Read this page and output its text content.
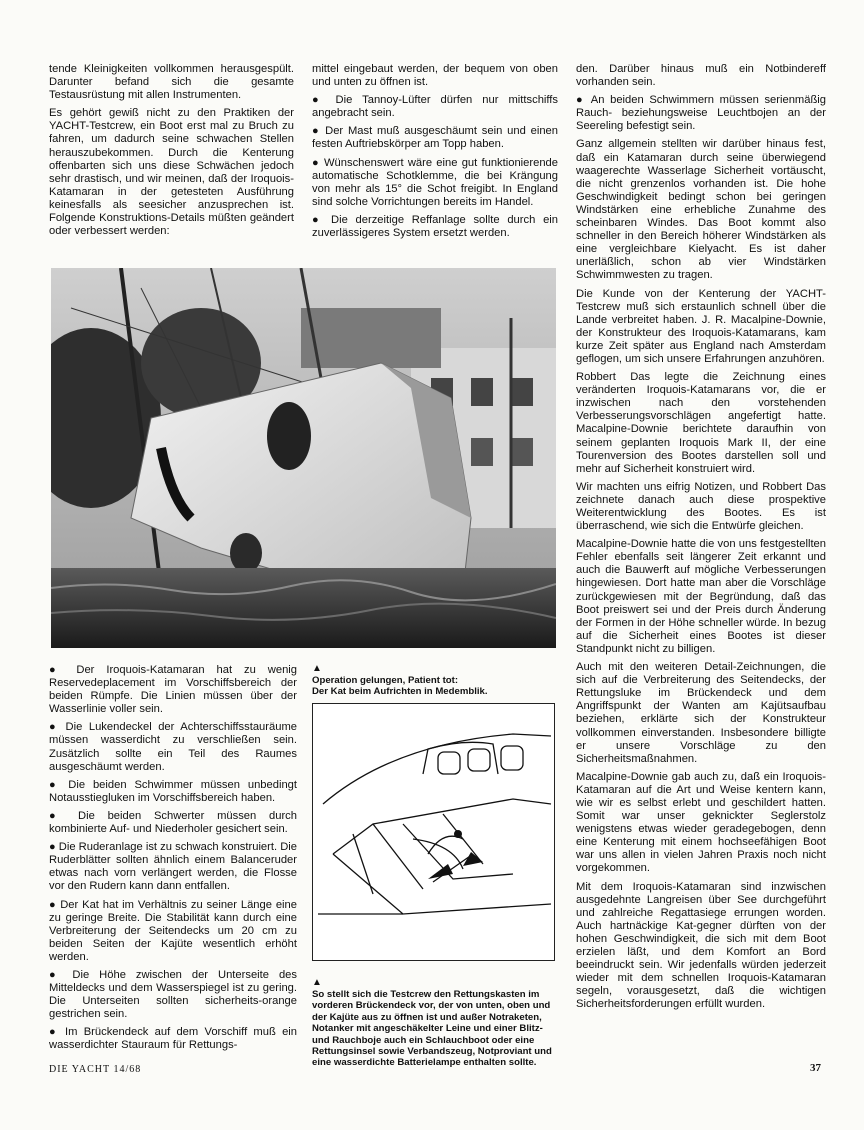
tende Kleinigkeiten vollkommen herausgespült. Darunter befand sich die gesamte Testausrüstung mit allen Instrumenten.

Es gehört gewiß nicht zu den Praktiken der YACHT-Testcrew, ein Boot erst mal zu Bruch zu fahren, um dadurch seine schwachen Stellen herauszubekommen. Durch die Kenterung offenbarten sich uns diese Schwächen jedoch sehr drastisch, und wir meinen, daß der Iroquois-Katamaran in der getesteten Ausführung keinesfalls als seesicher anzusprechen ist. Folgende Konstruktions-Details müßten geändert oder verbessert werden:

mittel eingebaut werden, der bequem von oben und unten zu öffnen ist.

● Die Tannoy-Lüfter dürfen nur mittschiffs angebracht sein.

● Der Mast muß ausgeschäumt sein und einen festen Auftriebskörper am Topp haben.

● Wünschenswert wäre eine gut funktionierende automatische Schotklemme, die bei Krängung von mehr als 15° die Schot freigibt. In England sind solche Vorrichtungen bereits im Handel.

● Die derzeitige Reffanlage sollte durch ein zuverlässigeres System ersetzt werden.

● Der Iroquois-Katamaran hat zu wenig Reservedeplacement im Vorschiffsbereich der beiden Rümpfe. Die Linien müssen über der Wasserlinie voller sein.

● Die Lukendeckel der Achterschiffsstauräume müssen wasserdicht zu verschließen sein. Zusätzlich sollte ein Teil des Raumes ausgeschäumt werden.

● Die beiden Schwimmer müssen unbedingt Notausstiegluken im Vorschiffsbereich haben.

● Die beiden Schwerter müssen durch kombinierte Auf- und Niederholer gesichert sein.

● Die Ruderanlage ist zu schwach konstruiert. Die Ruderblätter sollten ähnlich einem Balanceruder etwas nach vorn verlängert werden, die Flosse vor den Rudern kann dann entfallen.

● Der Kat hat im Verhältnis zu seiner Länge eine zu geringe Breite. Die Stabilität kann durch eine Verbreiterung der Seitendecks um 20 cm zu beiden Seiten der Kajüte wesentlich erhöht werden.

● Die Höhe zwischen der Unterseite des Mitteldecks und dem Wasserspiegel ist zu gering. Die Unterseiten sollten sicherheits-orange gestrichen sein.

● Im Brückendeck auf dem Vorschiff muß ein wasserdichter Stauraum für Rettungs-

▲
Operation gelungen, Patient tot:
Der Kat beim Aufrichten in Medemblik.
▲
So stellt sich die Testcrew den Rettungskasten im vorderen Brückendeck vor, der von unten, oben und der Kajüte aus zu öffnen ist und außer Notraketen, Notanker mit angeschäkelter Leine und einer Blitz- und Rauchboje auch ein Schlauchboot oder eine Rettungsinsel sowie Verbandszeug, Notproviant und eine wasserdichte Batterielampe enthalten sollte.

den. Darüber hinaus muß ein Notbindereff vorhanden sein.

● An beiden Schwimmern müssen serienmäßig Rauch- beziehungsweise Leuchtbojen an der Seereling befestigt sein.

Ganz allgemein stellten wir darüber hinaus fest, daß ein Katamaran durch seine überwiegend waagerechte Wasserlage Sicherheit vortäuscht, die nicht grenzenlos vorhanden ist. Die hohe Geschwindigkeit bedingt schon bei geringen Windstärken eine erhebliche Zunahme des scheinbaren Windes. Das Boot kommt also schneller in den Bereich höherer Windstärken als eine vergleichbare Kielyacht. Es ist daher unerläßlich, schon ab vier Windstärken Schwimmwesten zu tragen.

Die Kunde von der Kenterung der YACHT-Testcrew muß sich erstaunlich schnell über die Lande verbreitet haben. J. R. Macalpine-Downie, der Konstrukteur des Iroquois-Katamarans, kam kurze Zeit später aus England nach Amsterdam geflogen, um sich unsere Erfahrungen anzuhören.

Robbert Das legte die Zeichnung eines veränderten Iroquois-Katamarans vor, die er inzwischen nach den vorstehenden Verbesserungsvorschlägen angefertigt hatte. Macalpine-Downie berichtete daraufhin von seinem geplanten Iroquois Mark II, der eine Tourenversion des Bootes darstellen soll und mehr auf Sicherheit konstruiert wird.

Wir machten uns eifrig Notizen, und Robbert Das zeichnete danach auch diese prospektive Weiterentwicklung des Bootes. Es ist überraschend, wie sich die Entwürfe gleichen.

Macalpine-Downie hatte die von uns festgestellten Fehler ebenfalls seit längerer Zeit erkannt und auch die Bauwerft auf mögliche Verbesserungen hingewiesen. Dort hatte man aber die Vorschläge zurückgewiesen mit der Begründung, daß das Boot preiswert sei und der Preis durch Änderung der Formen in der Höhe schneller würde. In bezug auf die Sicherheit eines Bootes ist dieser Standpunkt nicht zu billigen.

Auch mit den weiteren Detail-Zeichnungen, die sich auf die Verbreiterung des Seitendecks, der Rettungsluke im Brückendeck und dem Angriffspunkt der Wanten am Kajütsaufbau beziehen, erklärte sich der Konstrukteur vollkommen einverstanden. Insbesondere billigte er unsere Vorschläge zu den Sicherheitsmaßnahmen.

Macalpine-Downie gab auch zu, daß ein Iroquois-Katamaran auf die Art und Weise kentern kann, wie wir es selbst erlebt und geschildert hatten. Somit war unser geknickter Seglerstolz wenigstens etwas wieder geradegebogen, denn eine Kenterung mit einem hochseefähigen Boot war uns allen in vielen Jahren Praxis noch nicht vorgekommen.

Mit dem Iroquois-Katamaran sind inzwischen ausgedehnte Langreisen über See durchgeführt und zahlreiche Regattasiege errungen worden. Auch hartnäckige Kat-gegner dürften von der hohen Geschwindigkeit, die sich mit dem Boot erzielen läßt, und dem Komfort an Bord beeindruckt sein. Wir jedenfalls würden jederzeit wieder mit dem schnellen Iroquois-Katamaran segeln, vorausgesetzt, daß die wichtigen Sicherheitsforderungen erfüllt wurden.

DIE YACHT 14/68	37
